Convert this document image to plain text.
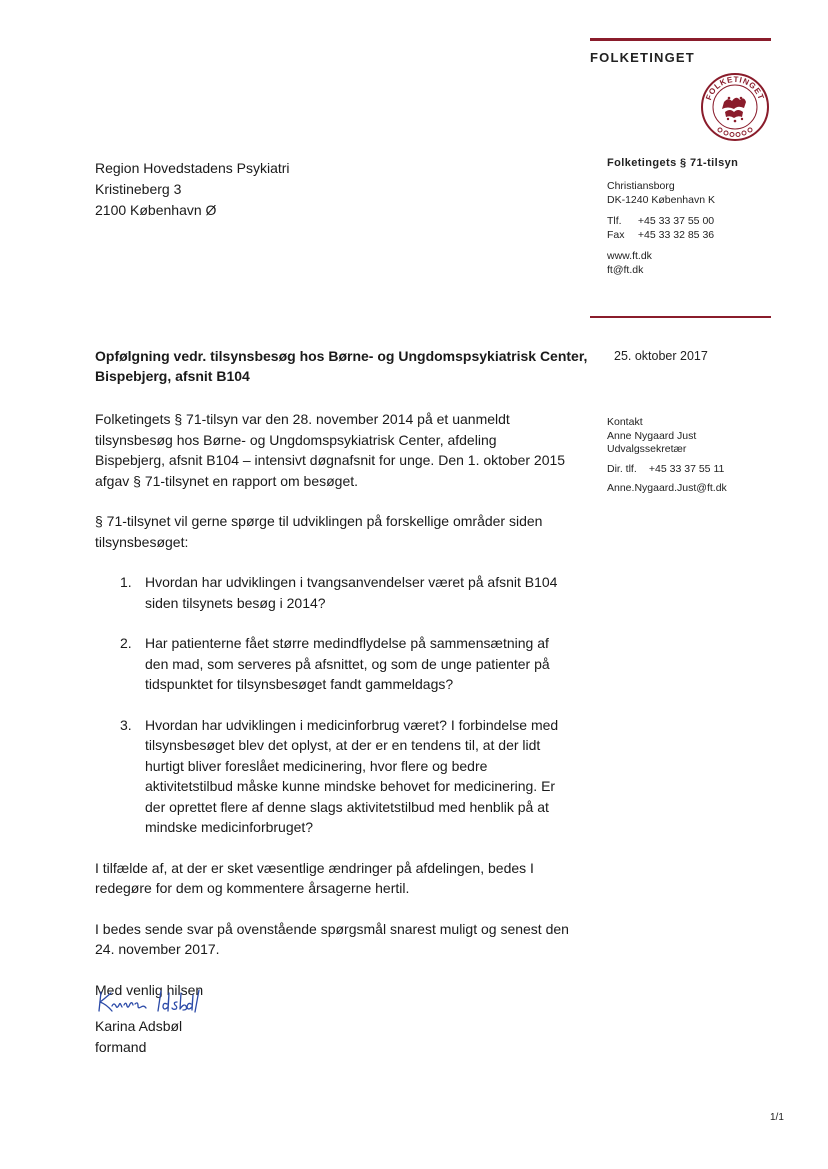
FOLKETINGET
FOLKETINGET
Region Hovedstadens Psykiatri
Kristineberg 3
2100 København Ø
Folketingets § 71-tilsyn
Christiansborg
DK-1240 København K
Tlf. +45 33 37 55 00
Fax +45 33 32 85 36
www.ft.dk
ft@ft.dk
Opfølgning vedr. tilsynsbesøg hos Børne- og Ungdomspsykiatrisk Center, Bispebjerg, afsnit B104
25. oktober 2017
Kontakt
Anne Nygaard Just
Udvalgssekretær
Dir. tlf. +45 33 37 55 11
Anne.Nygaard.Just@ft.dk

Folketingets § 71-tilsyn var den 28. november 2014 på et uanmeldt tilsynsbesøg hos Børne- og Ungdomspsykiatrisk Center, afdeling Bispebjerg, afsnit B104 – intensivt døgnafsnit for unge. Den 1. oktober 2015 afgav § 71-tilsynet en rapport om besøget.

§ 71-tilsynet vil gerne spørge til udviklingen på forskellige områder siden tilsynsbesøget:

1. Hvordan har udviklingen i tvangsanvendelser været på afsnit B104 siden tilsynets besøg i 2014?
2. Har patienterne fået større medindflydelse på sammensætning af den mad, som serveres på afsnittet, og som de unge patienter på tidspunktet for tilsynsbesøget fandt gammeldags?
3. Hvordan har udviklingen i medicinforbrug været? I forbindelse med tilsynsbesøget blev det oplyst, at der er en tendens til, at der lidt hurtigt bliver foreslået medicinering, hvor flere og bedre aktivitetstilbud måske kunne mindske behovet for medicinering. Er der oprettet flere af denne slags aktivitetstilbud med henblik på at mindske medicinforbruget?

I tilfælde af, at der er sket væsentlige ændringer på afdelingen, bedes I redegøre for dem og kommentere årsagerne hertil.

I bedes sende svar på ovenstående spørgsmål snarest muligt og senest den 24. november 2017.

Med venlig hilsen

Karina Adsbøl
formand
1/1
